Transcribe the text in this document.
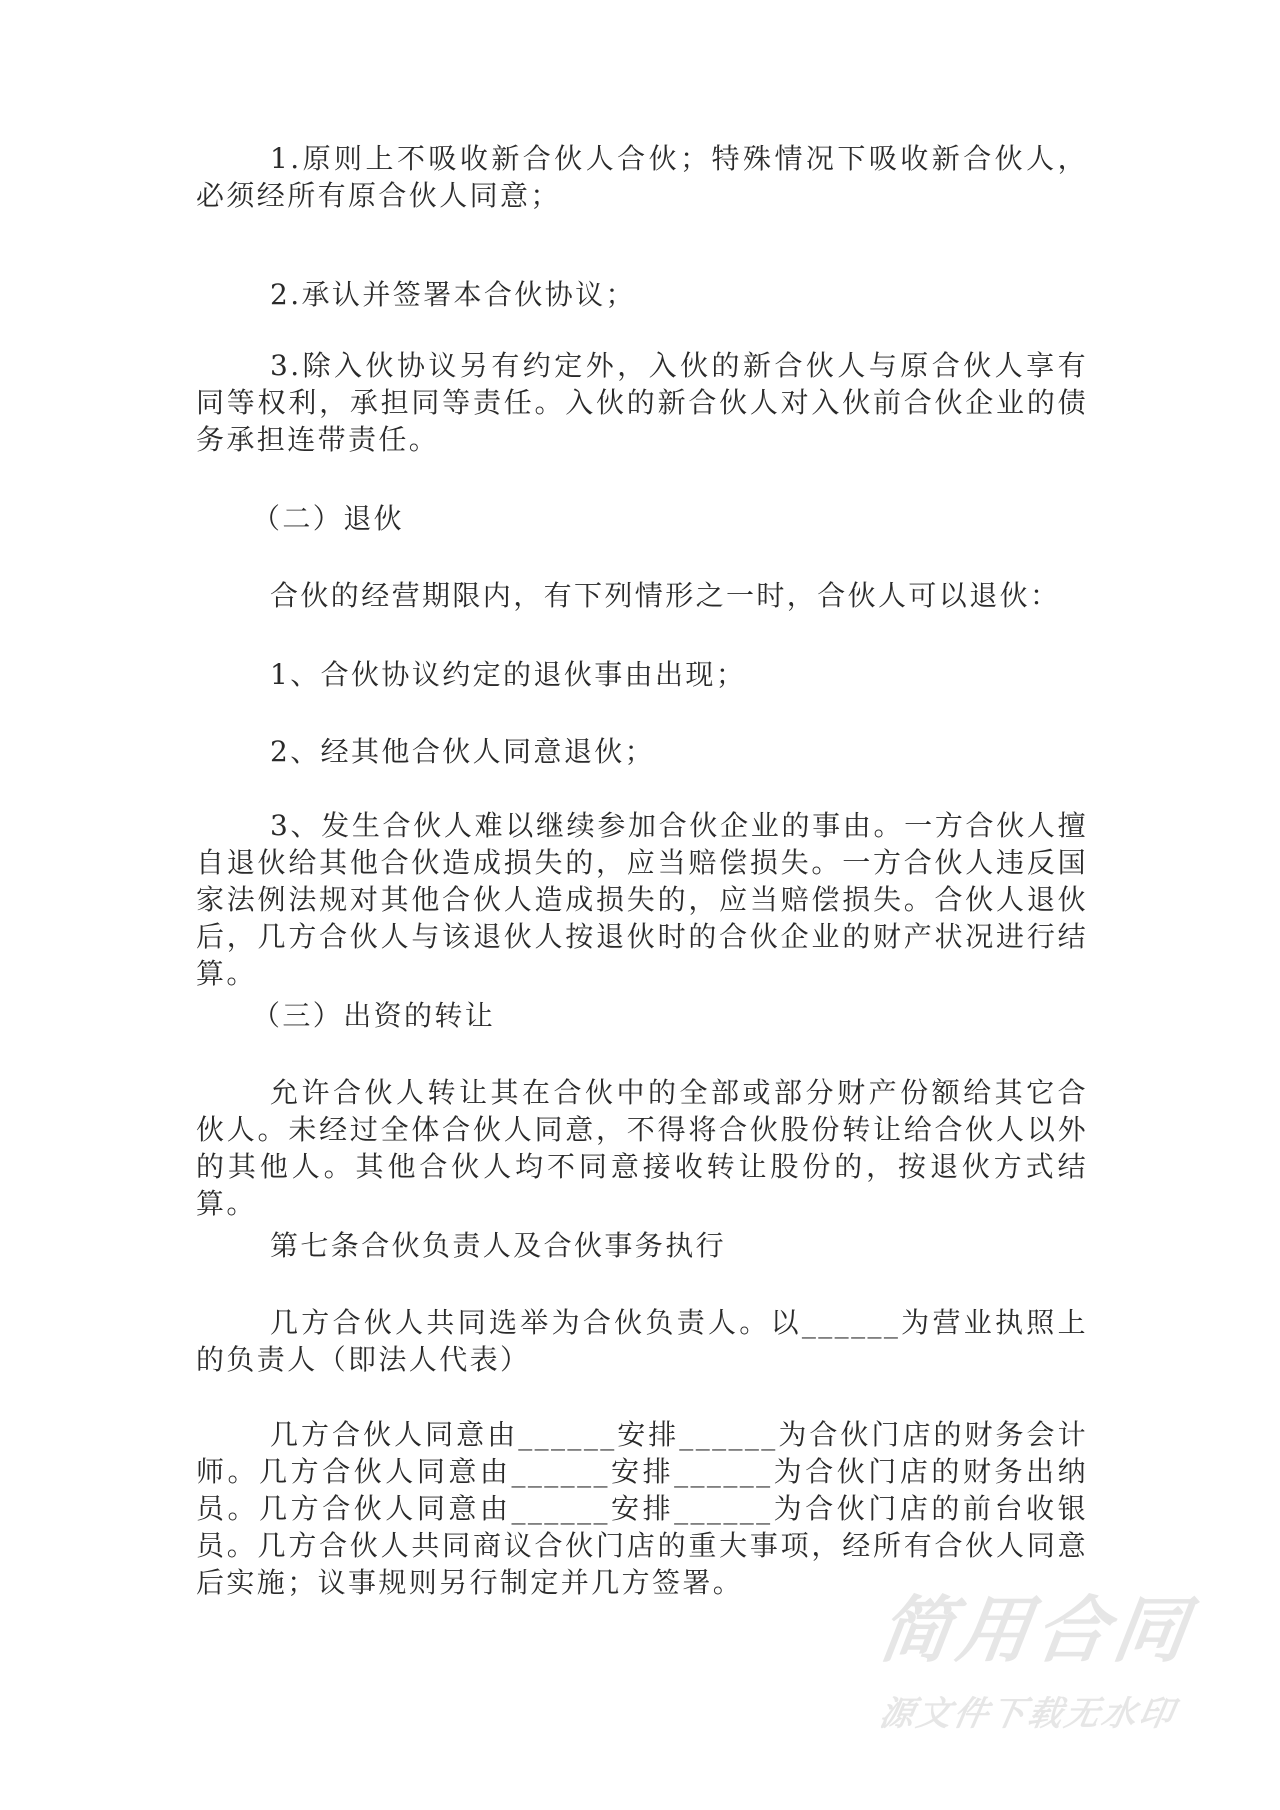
1.原则上不吸收新合伙人合伙；特殊情况下吸收新合伙人，必须经所有原合伙人同意；

2.承认并签署本合伙协议；

3.除入伙协议另有约定外，入伙的新合伙人与原合伙人享有同等权利，承担同等责任。入伙的新合伙人对入伙前合伙企业的债务承担连带责任。

（二）退伙

合伙的经营期限内，有下列情形之一时，合伙人可以退伙：

1、合伙协议约定的退伙事由出现；

2、经其他合伙人同意退伙；

3、发生合伙人难以继续参加合伙企业的事由。一方合伙人擅自退伙给其他合伙造成损失的，应当赔偿损失。一方合伙人违反国家法例法规对其他合伙人造成损失的，应当赔偿损失。合伙人退伙后，几方合伙人与该退伙人按退伙时的合伙企业的财产状况进行结算。

（三）出资的转让

允许合伙人转让其在合伙中的全部或部分财产份额给其它合伙人。未经过全体合伙人同意，不得将合伙股份转让给合伙人以外的其他人。其他合伙人均不同意接收转让股份的，按退伙方式结算。

第七条合伙负责人及合伙事务执行

几方合伙人共同选举为合伙负责人。以______为营业执照上的负责人（即法人代表）

几方合伙人同意由______安排______为合伙门店的财务会计师。几方合伙人同意由______安排______为合伙门店的财务出纳员。几方合伙人同意由______安排______为合伙门店的前台收银员。几方合伙人共同商议合伙门店的重大事项，经所有合伙人同意后实施；议事规则另行制定并几方签署。

简用合同
源文件下载无水印
